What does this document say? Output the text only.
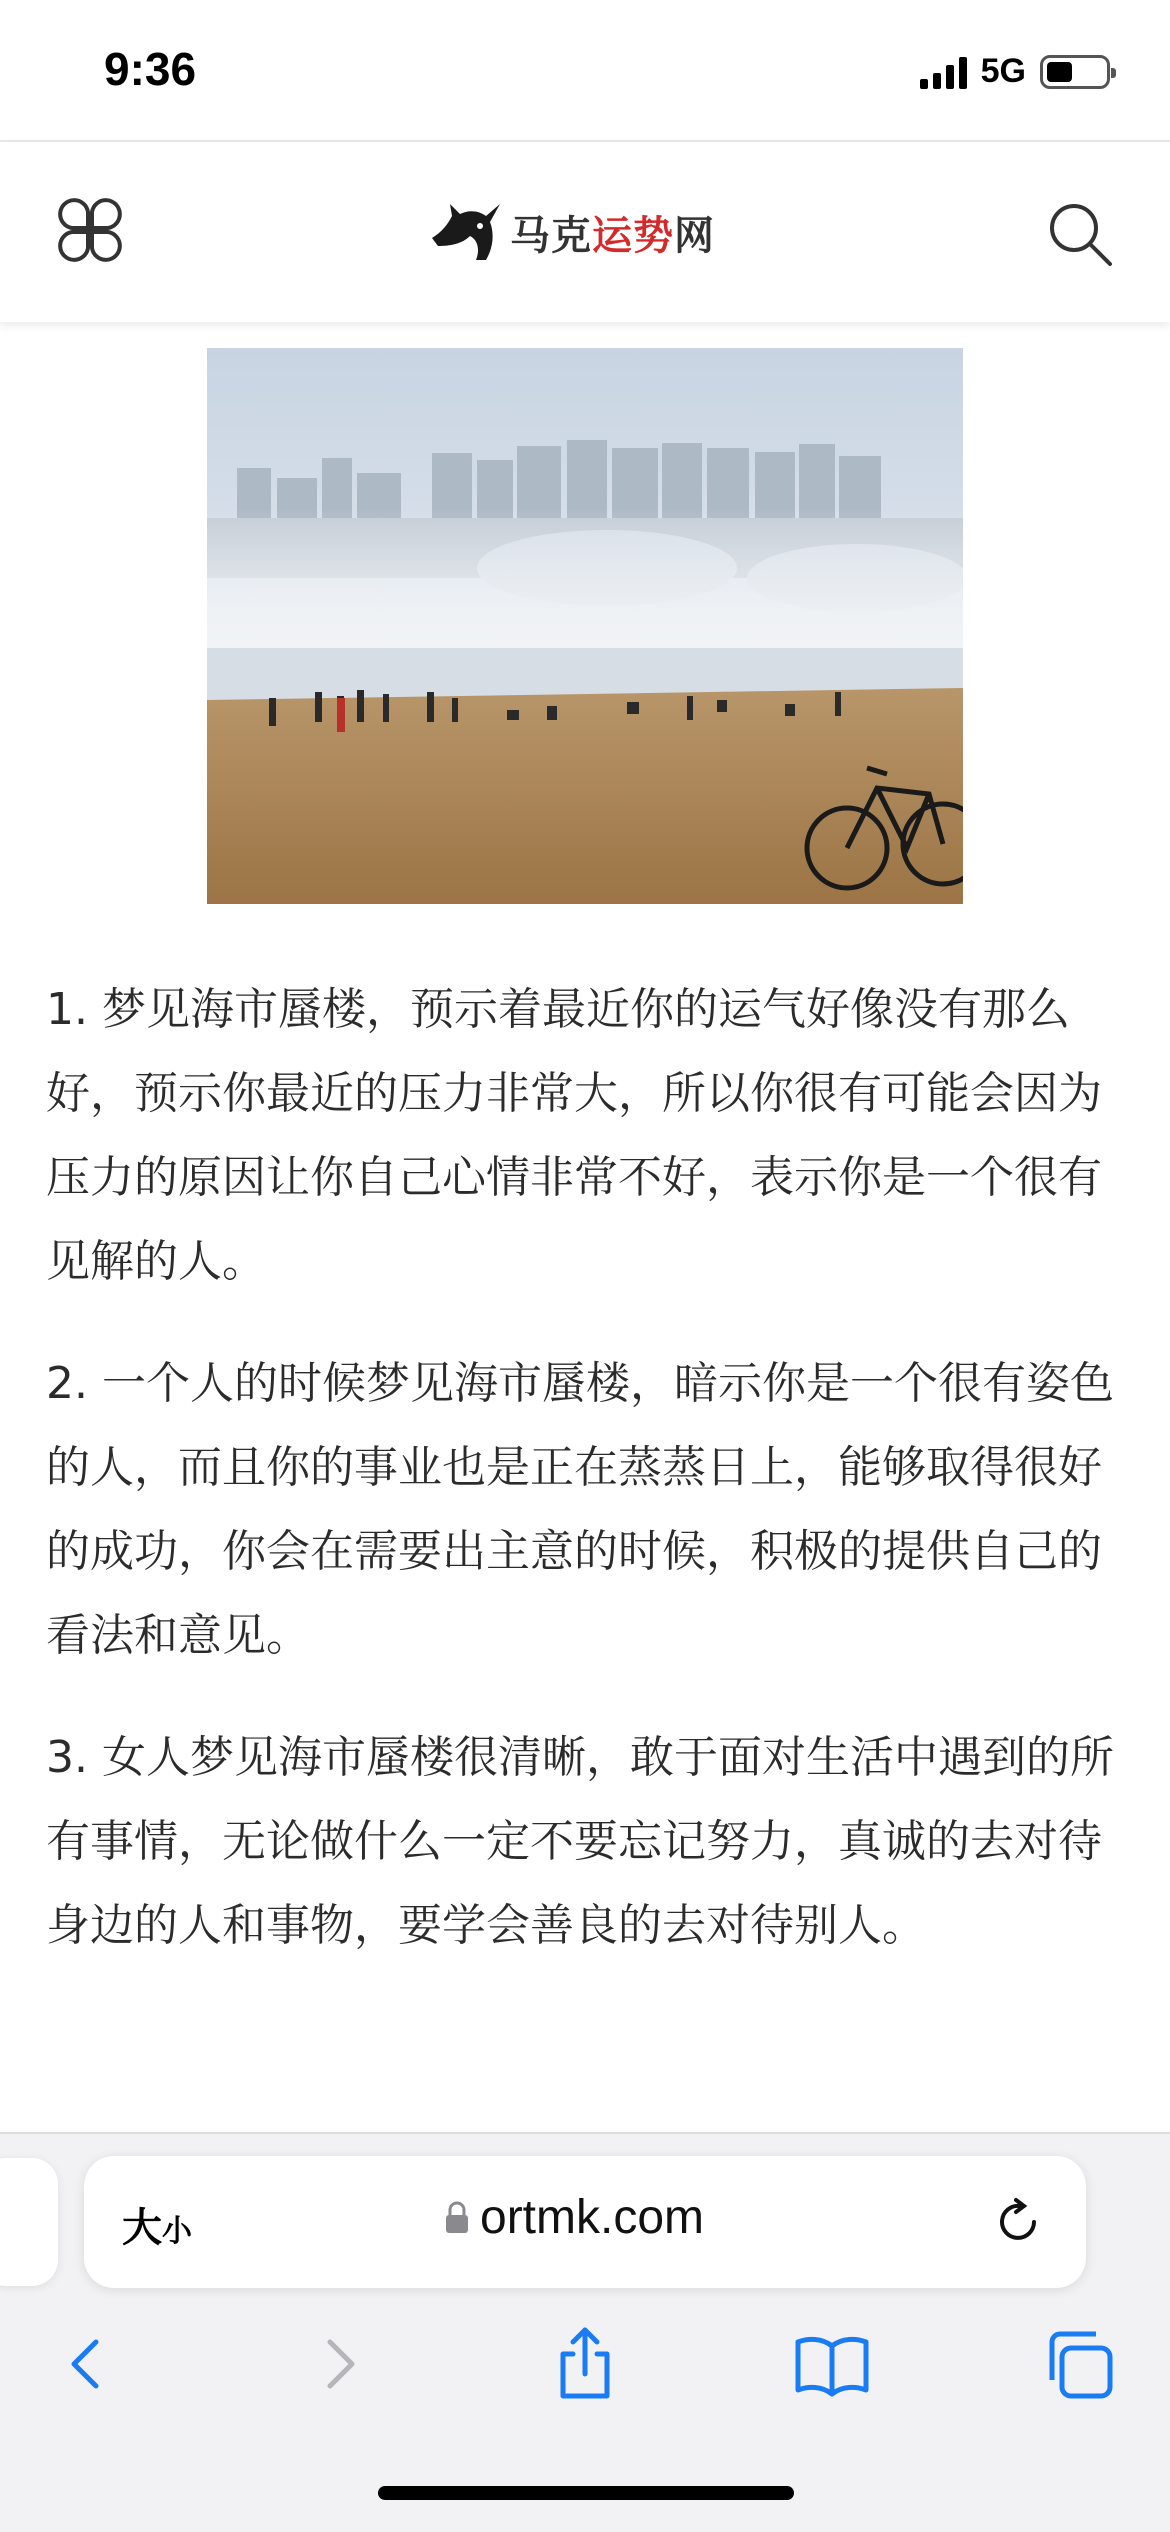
9:36	5G
马克运势网

1. 梦见海市蜃楼，预示着最近你的运气好像没有那么好，预示你最近的压力非常大，所以你很有可能会因为压力的原因让你自己心情非常不好，表示你是一个很有见解的人。

2. 一个人的时候梦见海市蜃楼，暗示你是一个很有姿色的人，而且你的事业也是正在蒸蒸日上，能够取得很好的成功，你会在需要出主意的时候，积极的提供自己的看法和意见。

3. 女人梦见海市蜃楼很清晰，敢于面对生活中遇到的所有事情，无论做什么一定不要忘记努力，真诚的去对待身边的人和事物，要学会善良的去对待别人。

大小	ortmk.com
